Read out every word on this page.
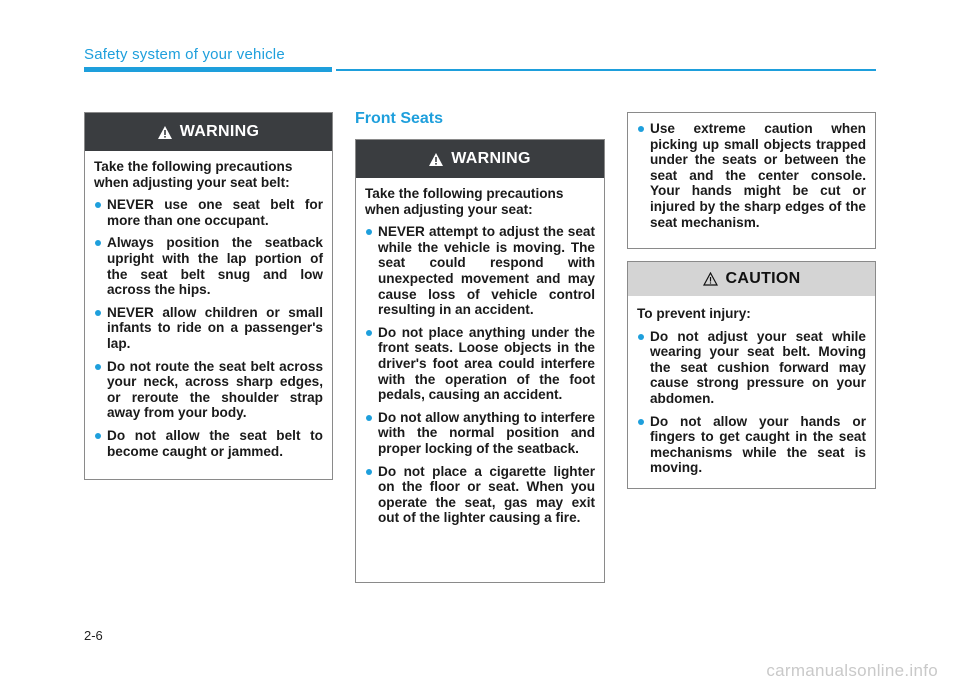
Safety system of your vehicle
WARNING

Take the following precautions when adjusting your seat belt:

NEVER use one seat belt for more than one occupant.

Always position the seatback upright with the lap portion of the seat belt snug and low across the hips.

NEVER allow children or small infants to ride on a passenger's lap.

Do not route the seat belt across your neck, across sharp edges, or reroute the shoulder strap away from your body.

Do not allow the seat belt to become caught or jammed.

Front Seats
WARNING

Take the following precautions when adjusting your seat:

NEVER attempt to adjust the seat while the vehicle is moving. The seat could respond with unexpected movement and may cause loss of vehicle control resulting in an accident.

Do not place anything under the front seats. Loose objects in the driver's foot area could interfere with the operation of the foot pedals, causing an accident.

Do not allow anything to interfere with the normal position and proper locking of the seatback.

Do not place a cigarette lighter on the floor or seat. When you operate the seat, gas may exit out of the lighter causing a fire.

Use extreme caution when picking up small objects trapped under the seats or between the seat and the center console. Your hands might be cut or injured by the sharp edges of the seat mechanism.

CAUTION

To prevent injury:

Do not adjust your seat while wearing your seat belt. Moving the seat cushion forward may cause strong pressure on your abdomen.

Do not allow your hands or fingers to get caught in the seat mechanisms while the seat is moving.

2-6
carmanualsonline.info
